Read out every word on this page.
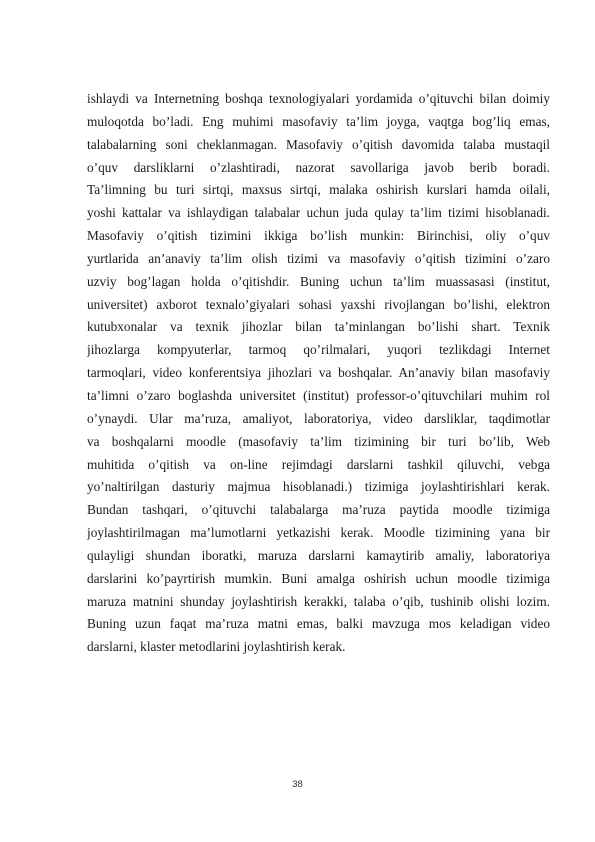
ishlaydi va Internetning boshqa texnologiyalari yordamida o’qituvchi bilan doimiy
muloqotda bo’ladi. Eng muhimi masofaviy ta’lim joyga, vaqtga bog’liq emas,
talabalarning soni cheklanmagan. Masofaviy o’qitish davomida talaba mustaqil
o’quv darsliklarni o’zlashtiradi, nazorat savollariga javob berib boradi.
Ta’limning bu turi sirtqi, maxsus sirtqi, malaka oshirish kurslari hamda oilali,
yoshi kattalar va ishlaydigan talabalar uchun juda qulay ta’lim tizimi hisoblanadi.
Masofaviy o’qitish tizimini ikkiga bo’lish munkin: Birinchisi, oliy o’quv
yurtlarida an’anaviy ta’lim olish tizimi va masofaviy o’qitish tizimini o’zaro
uzviy bog’lagan holda o’qitishdir. Buning uchun ta’lim muassasasi (institut,
universitet) axborot texnalo’giyalari sohasi yaxshi rivojlangan bo’lishi, elektron
kutubxonalar va texnik jihozlar bilan ta’minlangan bo’lishi shart. Texnik
jihozlarga kompyuterlar, tarmoq qo’rilmalari, yuqori tezlikdagi Internet
tarmoqlari, video konferentsiya jihozlari va boshqalar. An’anaviy bilan masofaviy
ta’limni o’zaro boglashda universitet (institut) professor-o’qituvchilari muhim rol
o’ynaydi. Ular ma’ruza, amaliyot, laboratoriya, video darsliklar, taqdimotlar
va boshqalarni moodle (masofaviy ta’lim tizimining bir turi bo’lib, Web
muhitida o’qitish va on-line rejimdagi darslarni tashkil qiluvchi, vebga
yo’naltirilgan dasturiy majmua hisoblanadi.) tizimiga joylashtirishlari kerak.
Bundan tashqari, o’qituvchi talabalarga ma’ruza paytida moodle tizimiga
joylashtirilmagan ma’lumotlarni yetkazishi kerak. Moodle tizimining yana bir
qulayligi shundan iboratki, maruza darslarni kamaytirib amaliy, laboratoriya
darslarini ko’payrtirish mumkin. Buni amalga oshirish uchun moodle tizimiga
maruza matnini shunday joylashtirish kerakki, talaba o’qib, tushinib olishi lozim.
Buning uzun faqat ma’ruza matni emas, balki mavzuga mos keladigan video
darslarni, klaster metodlarini joylashtirish kerak.
38
